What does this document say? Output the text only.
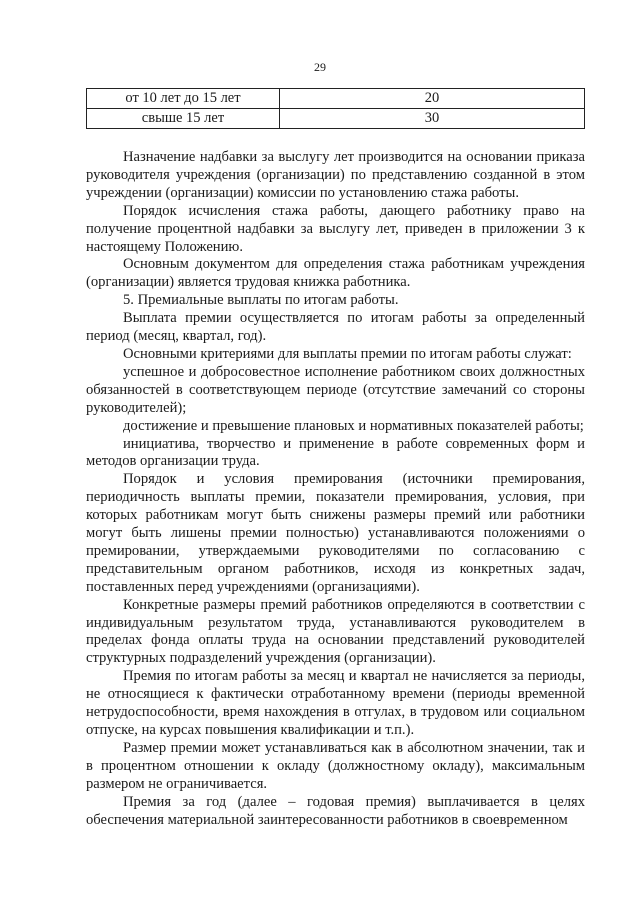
29
от 10 лет до 15 лет	20
свыше 15 лет	30

Назначение надбавки за выслугу лет производится на основании приказа руководителя учреждения (организации) по представлению созданной в этом учреждении (организации) комиссии по установлению стажа работы.

Порядок исчисления стажа работы, дающего работнику право на получение процентной надбавки за выслугу лет, приведен в приложении 3 к настоящему Положению.

Основным документом для определения стажа работникам учреждения (организации) является трудовая книжка работника.

5. Премиальные выплаты по итогам работы.

Выплата премии осуществляется по итогам работы за определенный период (месяц, квартал, год).

Основными критериями для выплаты премии по итогам работы служат:

успешное и добросовестное исполнение работником своих должностных обязанностей в соответствующем периоде (отсутствие замечаний со стороны руководителей);

достижение и превышение плановых и нормативных показателей работы;

инициатива, творчество и применение в работе современных форм и методов организации труда.

Порядок и условия премирования (источники премирования, периодичность выплаты премии, показатели премирования, условия, при которых работникам могут быть снижены размеры премий или работники могут быть лишены премии полностью) устанавливаются положениями о премировании, утверждаемыми руководителями по согласованию с представительным органом работников, исходя из конкретных задач, поставленных перед учреждениями (организациями).

Конкретные размеры премий работников определяются в соответствии с индивидуальным результатом труда, устанавливаются руководителем в пределах фонда оплаты труда на основании представлений руководителей структурных подразделений учреждения (организации).

Премия по итогам работы за месяц и квартал не начисляется за периоды, не относящиеся к фактически отработанному времени (периоды временной нетрудоспособности, время нахождения в отгулах, в трудовом или социальном отпуске, на курсах повышения квалификации и т.п.).

Размер премии может устанавливаться как в абсолютном значении, так и в процентном отношении к окладу (должностному окладу), максимальным размером не ограничивается.

Премия за год (далее – годовая премия) выплачивается в целях обеспечения материальной заинтересованности работников в своевременном
